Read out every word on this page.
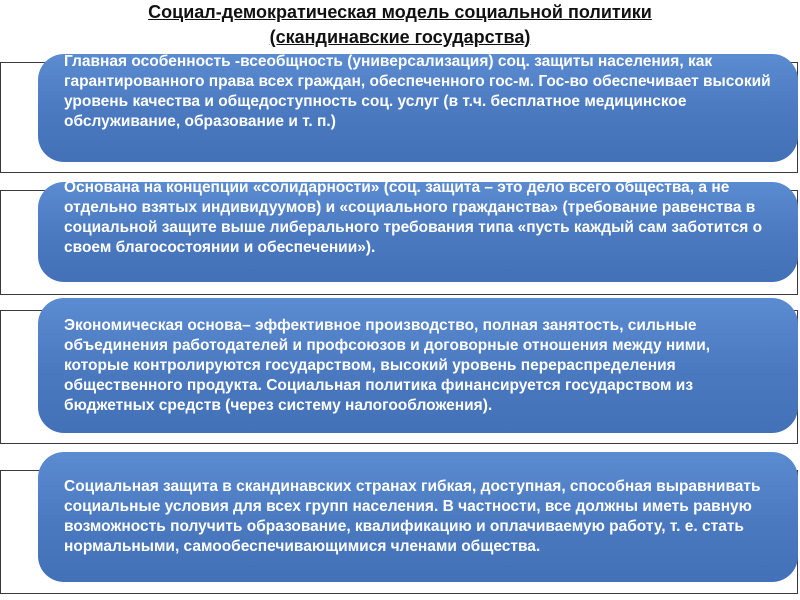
Социал-демократическая модель социальной политики
(скандинавские государства)

Главная особенность -всеобщность (универсализация) соц. защиты населения, как гарантированного права всех граждан, обеспеченного гос-м. Гос-во обеспечивает высокий уровень качества и общедоступность соц. услуг (в т.ч. бесплатное медицинское обслуживание, образование и т. п.)

Основана на концепции «солидарности» (соц. защита – это дело всего общества, а не отдельно взятых индивидуумов) и «социального гражданства» (требование равенства в социальной защите выше либерального требования типа «пусть каждый сам заботится о своем благосостоянии и обеспечении»).

Экономическая основа– эффективное производство, полная занятость, сильные объединения работодателей и профсоюзов и договорные отношения между ними, которые контролируются государством, высокий уровень перераспределения общественного продукта. Социальная политика финансируется государством из бюджетных средств (через систему налогообложения).

Социальная защита в скандинавских странах гибкая, доступная, способная выравнивать социальные условия для всех групп населения. В частности, все должны иметь равную возможность получить образование, квалификацию и оплачиваемую работу, т. е. стать нормальными, самообеспечивающимися членами общества.
